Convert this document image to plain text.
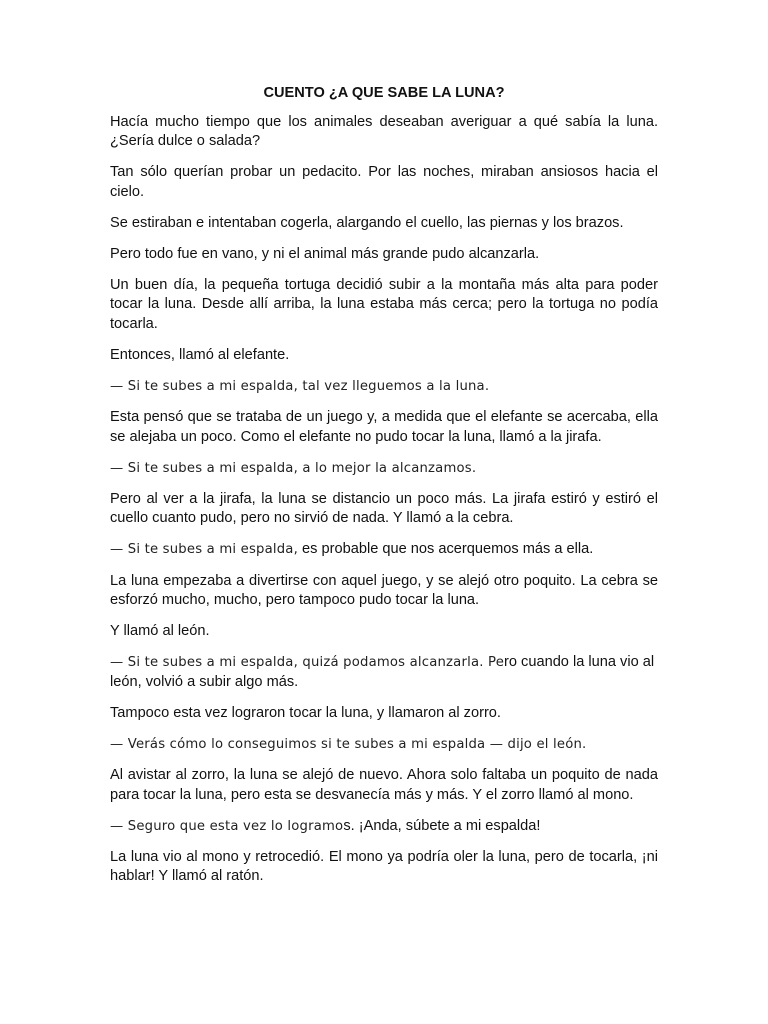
CUENTO ¿A QUE SABE LA LUNA?

Hacía mucho tiempo que los animales deseaban averiguar a qué sabía la luna. ¿Sería dulce o salada?

Tan sólo querían probar un pedacito. Por las noches, miraban ansiosos hacia el cielo.

Se estiraban e intentaban cogerla, alargando el cuello, las piernas y los brazos.

Pero todo fue en vano, y ni el animal más grande pudo alcanzarla.

Un buen día, la pequeña tortuga decidió subir a la montaña más alta para poder tocar la luna. Desde allí arriba, la luna estaba más cerca; pero la tortuga no podía tocarla.

Entonces, llamó al elefante.

— Si te subes a mi espalda, tal vez lleguemos a la luna.

Esta pensó que se trataba de un juego y, a medida que el elefante se acercaba, ella se alejaba un poco. Como el elefante no pudo tocar la luna, llamó a la jirafa.

— Si te subes a mi espalda, a lo mejor la alcanzamos.

Pero al ver a la jirafa, la luna se distancio un poco más. La jirafa estiró y estiró el cuello cuanto pudo, pero no sirvió de nada. Y llamó a la cebra.

— Si te subes a mi espalda, es probable que nos acerquemos más a ella.

La luna empezaba a divertirse con aquel juego, y se alejó otro poquito. La cebra se esforzó mucho, mucho, pero tampoco pudo tocar la luna.

Y llamó al león.

— Si te subes a mi espalda, quizá podamos alcanzarla. Pero cuando la luna vio al león, volvió a subir algo más.

Tampoco esta vez lograron tocar la luna, y llamaron al zorro.

— Verás cómo lo conseguimos si te subes a mi espalda — dijo el león.

Al avistar al zorro, la luna se alejó de nuevo. Ahora solo faltaba un poquito de nada para tocar la luna, pero esta se desvanecía más y más. Y el zorro llamó al mono.

— Seguro que esta vez lo logramos. ¡Anda, súbete a mi espalda!

La luna vio al mono y retrocedió. El mono ya podría oler la luna, pero de tocarla, ¡ni hablar! Y llamó al ratón.
